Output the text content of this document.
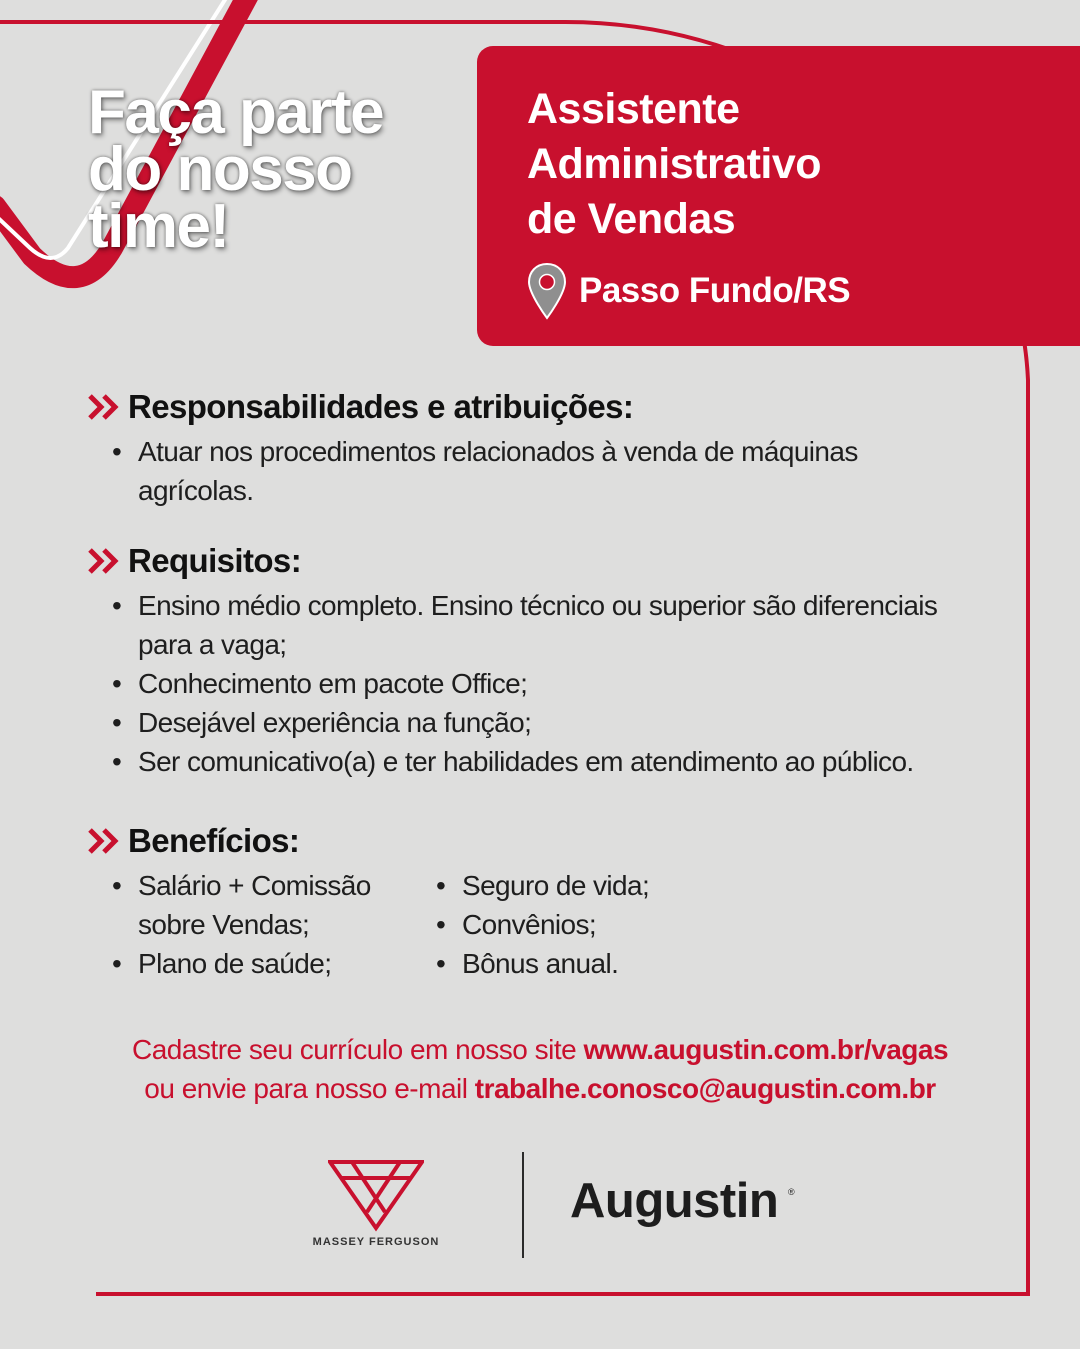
Faça parte
do nosso
time!
Assistente
Administrativo
de Vendas
Passo Fundo/RS
Responsabilidades e atribuições:
• Atuar nos procedimentos relacionados à venda de máquinas agrícolas.
Requisitos:
• Ensino médio completo. Ensino técnico ou superior são diferenciais para a vaga;
• Conhecimento em pacote Office;
• Desejável experiência na função;
• Ser comunicativo(a) e ter habilidades em atendimento ao público.
Benefícios:
• Salário + Comissão sobre Vendas;
• Plano de saúde;
• Seguro de vida;
• Convênios;
• Bônus anual.

Cadastre seu currículo em nosso site www.augustin.com.br/vagas

ou envie para nosso e-mail trabalhe.conosco@augustin.com.br

MASSEY FERGUSON
Augustin ®
